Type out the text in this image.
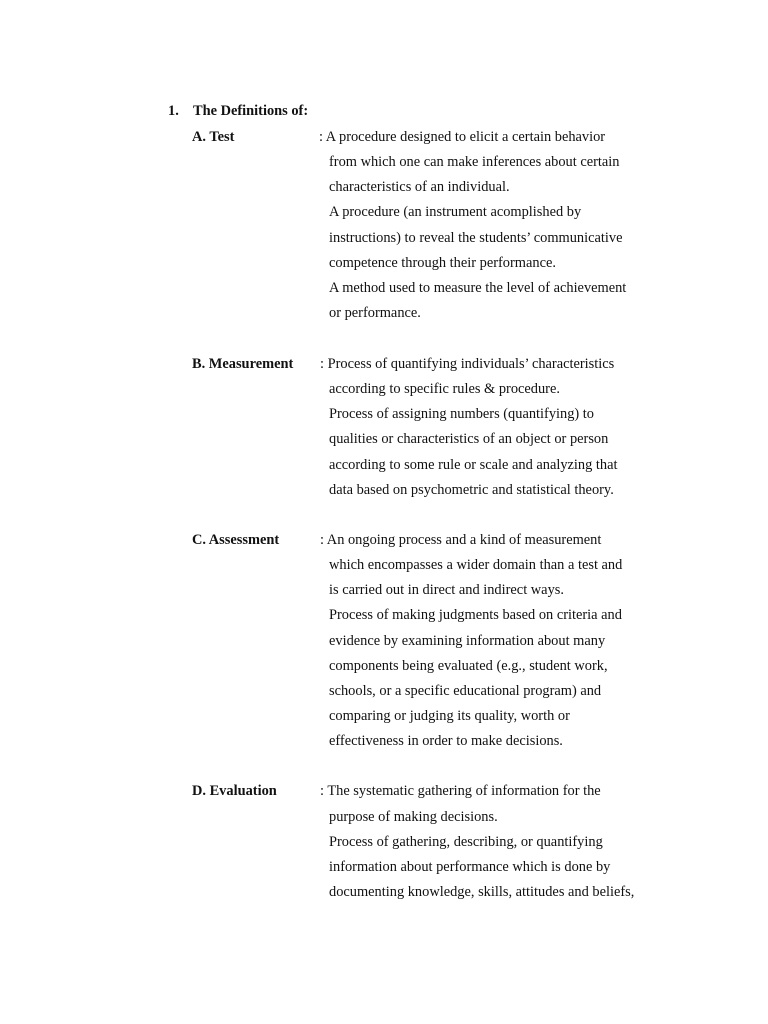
1. The Definitions of:
A. Test	: A procedure designed to elicit a certain behavior
from which one can make inferences about certain
characteristics of an individual.
A procedure (an instrument acomplished by
instructions) to reveal the students’ communicative
competence through their performance.
A method used to measure the level of achievement
or performance.
B. Measurement : Process of quantifying individuals’ characteristics
according to specific rules & procedure.
Process of assigning numbers (quantifying) to
qualities or characteristics of an object or person
according to some rule or scale and analyzing that
data based on psychometric and statistical theory.
C. Assessment	: An ongoing process and a kind of measurement
which encompasses a wider domain than a test and
is carried out in direct and indirect ways.
Process of making judgments based on criteria and
evidence by examining information about many
components being evaluated (e.g., student work,
schools, or a specific educational program) and
comparing or judging its quality, worth or
effectiveness in order to make decisions.
D. Evaluation	: The systematic gathering of information for the
purpose of making decisions.
Process of gathering, describing, or quantifying
information about performance which is done by
documenting knowledge, skills, attitudes and beliefs,
